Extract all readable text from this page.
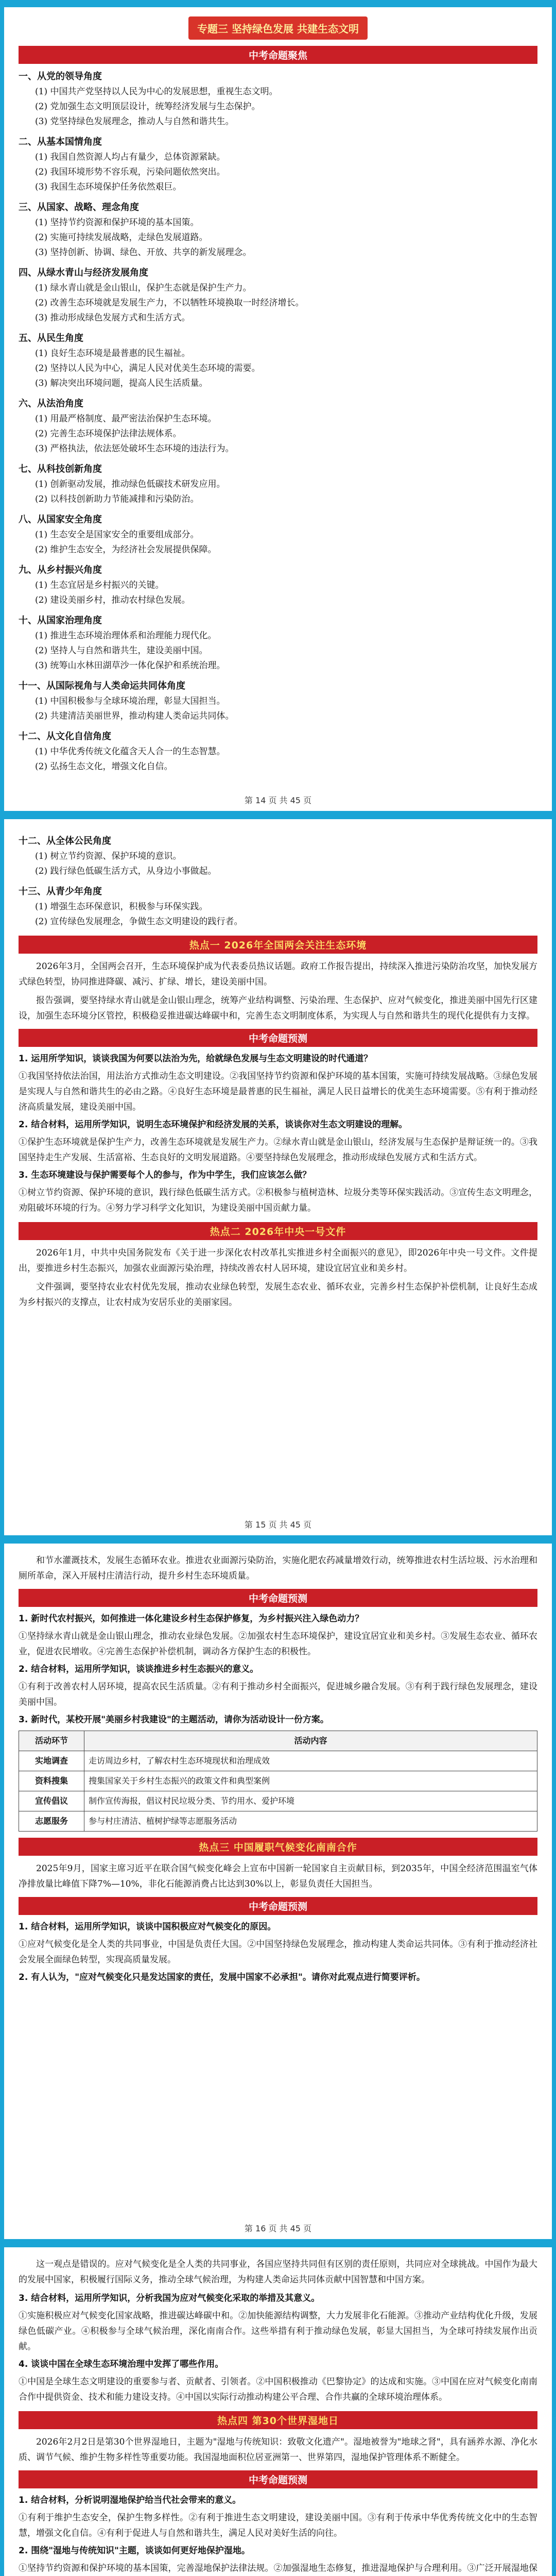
专题三 坚持绿色发展 共建生态文明
中考命题聚焦
一、从党的领导角度
(1) 中国共产党坚持以人民为中心的发展思想，重视生态文明。
(2) 党加强生态文明顶层设计，统筹经济发展与生态保护。
(3) 党坚持绿色发展理念，推动人与自然和谐共生。
二、从基本国情角度
(1) 我国自然资源人均占有量少，总体资源紧缺。
(2) 我国环境形势不容乐观，污染问题依然突出。
(3) 我国生态环境保护任务依然艰巨。
三、从国家、战略、理念角度
(1) 坚持节约资源和保护环境的基本国策。
(2) 实施可持续发展战略，走绿色发展道路。
(3) 坚持创新、协调、绿色、开放、共享的新发展理念。
四、从绿水青山与经济发展角度
(1) 绿水青山就是金山银山，保护生态就是保护生产力。
(2) 改善生态环境就是发展生产力，不以牺牲环境换取一时经济增长。
(3) 推动形成绿色发展方式和生活方式。
五、从民生角度
(1) 良好生态环境是最普惠的民生福祉。
(2) 坚持以人民为中心，满足人民对优美生态环境的需要。
(3) 解决突出环境问题，提高人民生活质量。
六、从法治角度
(1) 用最严格制度、最严密法治保护生态环境。
(2) 完善生态环境保护法律法规体系。
(3) 严格执法，依法惩处破坏生态环境的违法行为。
七、从科技创新角度
(1) 创新驱动发展，推动绿色低碳技术研发应用。
(2) 以科技创新助力节能减排和污染防治。
八、从国家安全角度
(1) 生态安全是国家安全的重要组成部分。
(2) 维护生态安全，为经济社会发展提供保障。
九、从乡村振兴角度
(1) 生态宜居是乡村振兴的关键。
(2) 建设美丽乡村，推动农村绿色发展。
十、从国家治理角度
(1) 推进生态环境治理体系和治理能力现代化。
(2) 坚持人与自然和谐共生，建设美丽中国。
(3) 统筹山水林田湖草沙一体化保护和系统治理。
十一、从国际视角与人类命运共同体角度
(1) 中国积极参与全球环境治理，彰显大国担当。
(2) 共建清洁美丽世界，推动构建人类命运共同体。
十二、从文化自信角度
(1) 中华优秀传统文化蕴含天人合一的生态智慧。
(2) 弘扬生态文化，增强文化自信。
第 14 页 共 45 页
十二、从全体公民角度
(1) 树立节约资源、保护环境的意识。
(2) 践行绿色低碳生活方式，从身边小事做起。
十三、从青少年角度
(1) 增强生态环保意识，积极参与环保实践。
(2) 宣传绿色发展理念，争做生态文明建设的践行者。
热点一 2026年全国两会关注生态环境

2026年3月，全国两会召开，生态环境保护成为代表委员热议话题。政府工作报告提出，持续深入推进污染防治攻坚，加快发展方式绿色转型，协同推进降碳、减污、扩绿、增长，建设美丽中国。

报告强调，要坚持绿水青山就是金山银山理念，统筹产业结构调整、污染治理、生态保护、应对气候变化，推进美丽中国先行区建设，加强生态环境分区管控，积极稳妥推进碳达峰碳中和，完善生态文明制度体系，为实现人与自然和谐共生的现代化提供有力支撑。

中考命题预测

1. 运用所学知识，谈谈我国为何要以法治为先，给就绿色发展与生态文明建设的时代通道？

①我国坚持依法治国，用法治方式推动生态文明建设。②我国坚持节约资源和保护环境的基本国策，实施可持续发展战略。③绿色发展是实现人与自然和谐共生的必由之路。④良好生态环境是最普惠的民生福祉，满足人民日益增长的优美生态环境需要。⑤有利于推动经济高质量发展，建设美丽中国。

2. 结合材料，运用所学知识，说明生态环境保护和经济发展的关系，谈谈你对生态文明建设的理解。

①保护生态环境就是保护生产力，改善生态环境就是发展生产力。②绿水青山就是金山银山，经济发展与生态保护是辩证统一的。③我国坚持走生产发展、生活富裕、生态良好的文明发展道路。④要坚持绿色发展理念，推动形成绿色发展方式和生活方式。

3. 生态环境建设与保护需要每个人的参与，作为中学生，我们应该怎么做？

①树立节约资源、保护环境的意识，践行绿色低碳生活方式。②积极参与植树造林、垃圾分类等环保实践活动。③宣传生态文明理念，劝阻破坏环境的行为。④努力学习科学文化知识，为建设美丽中国贡献力量。

热点二 2026年中央一号文件

2026年1月，中共中央国务院发布《关于进一步深化农村改革扎实推进乡村全面振兴的意见》，即2026年中央一号文件。文件提出，要推进乡村生态振兴，加强农业面源污染治理，持续改善农村人居环境，建设宜居宜业和美乡村。

文件强调，要坚持农业农村优先发展，推动农业绿色转型，发展生态农业、循环农业，完善乡村生态保护补偿机制，让良好生态成为乡村振兴的支撑点，让农村成为安居乐业的美丽家园。

第 15 页 共 45 页

和节水灌溉技术，发展生态循环农业。推进农业面源污染防治，实施化肥农药减量增效行动，统筹推进农村生活垃圾、污水治理和厕所革命，深入开展村庄清洁行动，提升乡村生态环境质量。

中考命题预测

1. 新时代农村振兴，如何推进一体化建设乡村生态保护修复，为乡村振兴注入绿色动力？

①坚持绿水青山就是金山银山理念，推动农业绿色发展。②加强农村生态环境保护，建设宜居宜业和美乡村。③发展生态农业、循环农业，促进农民增收。④完善生态保护补偿机制，调动各方保护生态的积极性。

2. 结合材料，运用所学知识，谈谈推进乡村生态振兴的意义。

①有利于改善农村人居环境，提高农民生活质量。②有利于推动乡村全面振兴，促进城乡融合发展。③有利于践行绿色发展理念，建设美丽中国。

3. 新时代，某校开展"美丽乡村我建设"的主题活动，请你为活动设计一份方案。

活动环节	活动内容
实地调查	走访周边乡村，了解农村生态环境现状和治理成效
资料搜集	搜集国家关于乡村生态振兴的政策文件和典型案例
宣传倡议	制作宣传海报，倡议村民垃圾分类、节约用水、爱护环境
志愿服务	参与村庄清洁、植树护绿等志愿服务活动
热点三 中国履职气候变化南南合作

2025年9月，国家主席习近平在联合国气候变化峰会上宣布中国新一轮国家自主贡献目标，到2035年，中国全经济范围温室气体净排放量比峰值下降7%—10%，非化石能源消费占比达到30%以上，彰显负责任大国担当。

中考命题预测

1. 结合材料，运用所学知识，谈谈中国积极应对气候变化的原因。

①应对气候变化是全人类的共同事业，中国是负责任大国。②中国坚持绿色发展理念，推动构建人类命运共同体。③有利于推动经济社会发展全面绿色转型，实现高质量发展。

2. 有人认为，"应对气候变化只是发达国家的责任，发展中国家不必承担"。请你对此观点进行简要评析。

第 16 页 共 45 页

这一观点是错误的。应对气候变化是全人类的共同事业，各国应坚持共同但有区别的责任原则，共同应对全球挑战。中国作为最大的发展中国家，积极履行国际义务，推动全球气候治理，为构建人类命运共同体贡献中国智慧和中国方案。

3. 结合材料，运用所学知识，分析我国为应对气候变化采取的举措及其意义。

①实施积极应对气候变化国家战略，推进碳达峰碳中和。②加快能源结构调整，大力发展非化石能源。③推动产业结构优化升级，发展绿色低碳产业。④积极参与全球气候治理，深化南南合作。这些举措有利于推动绿色发展，彰显大国担当，为全球可持续发展作出贡献。

4. 谈谈中国在全球生态环境治理中发挥了哪些作用。

①中国是全球生态文明建设的重要参与者、贡献者、引领者。②中国积极推动《巴黎协定》的达成和实施。③中国在应对气候变化南南合作中提供资金、技术和能力建设支持。④中国以实际行动推动构建公平合理、合作共赢的全球环境治理体系。

热点四 第30个世界湿地日

2026年2月2日是第30个世界湿地日，主题为"湿地与传统知识：致敬文化遗产"。湿地被誉为"地球之肾"，具有涵养水源、净化水质、调节气候、维护生物多样性等重要功能。我国湿地面积位居亚洲第一、世界第四，湿地保护管理体系不断健全。

中考命题预测

1. 结合材料，分析说明湿地保护给当代社会带来的意义。

①有利于维护生态安全，保护生物多样性。②有利于推进生态文明建设，建设美丽中国。③有利于传承中华优秀传统文化中的生态智慧，增强文化自信。④有利于促进人与自然和谐共生，满足人民对美好生活的向往。

2. 围绕"湿地与传统知识"主题，谈谈如何更好地保护湿地。

①坚持节约资源和保护环境的基本国策，完善湿地保护法律法规。②加强湿地生态修复，推进湿地保护与合理利用。③广泛开展湿地保
